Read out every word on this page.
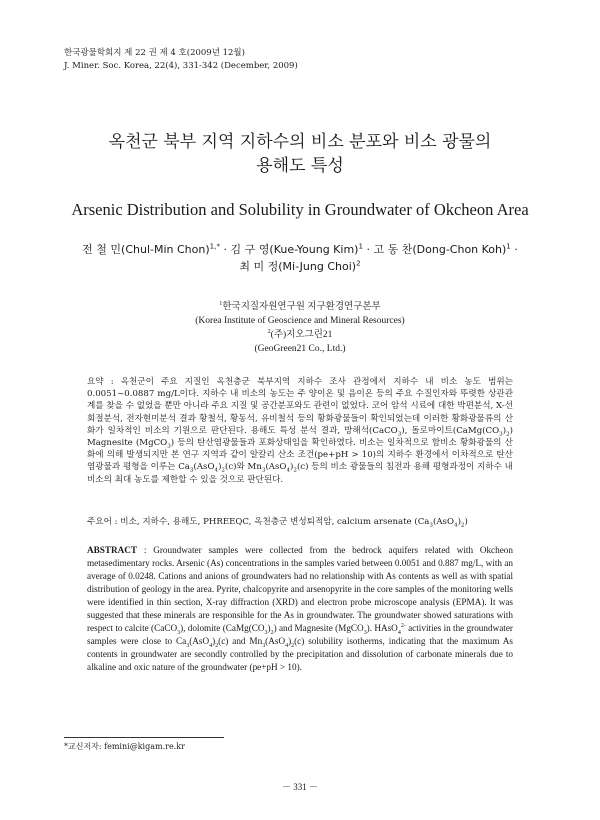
한국광물학회지 제 22 권 제 4 호(2009년 12월)
J. Miner. Soc. Korea, 22(4), 331-342 (December, 2009)
옥천군 북부 지역 지하수의 비소 분포와 비소 광물의
용해도 특성
Arsenic Distribution and Solubility in Groundwater of Okcheon Area
전 철 민(Chul-Min Chon)$^{1,*}$ · 김 구 영(Kue-Young Kim)$^1$ · 고 동 찬(Dong-Chon Koh)$^1$ ·
최 미 정(Mi-Jung Choi)$^2$
$^1$한국지질자원연구원 지구환경연구본부
(Korea Institute of Geoscience and Mineral Resources)
$^2$(주)지오그린21
(GeoGreen21 Co., Ltd.)
요약 : 옥천군이 주요 지질인 옥천층군 북부지역 지하수 조사 관정에서 지하수 내 비소 농도 범위는 0.0051~0.0887 mg/L이다. 지하수 내 비소의 농도는 주 양이온 및 음이온 등의 주요 수질인자와 뚜렷한 상관관계를 찾을 수 없었을 뿐만 아니라 주요 지질 및 공간분포와도 관련이 없었다. 코어 암석 시료에 대한 박편분석, X-선회절분석, 전자현미분석 결과 황철석, 황동석, 유비철석 등의 황화광물들이 확인되었는데 이러한 황화광물류의 산화가 일차적인 비소의 기원으로 판단된다. 용해도 특성 분석 결과, 방해석(CaCO$_3$), 돌로마이트$(CaMg(CO_3)_2)$ Magnesite (MgCO$_3$) 등의 탄산염광물들과 포화상태임을 확인하였다. 비소는 일차적으로 함비소 황화광물의 산화에 의해 발생되지만 본 연구 지역과 같이 알칼리 산소 조건(pe+pH > 10)의 지하수 환경에서 이차적으로 탄산염광물과 평형을 이루는 $Ca_3(AsO_4)_2(c)$와 $Mn_3(AsO_4)_2(c)$ 등의 비소 광물들의 침전과 용해 평형과정이 지하수 내 비소의 최대 농도를 제한할 수 있을 것으로 판단된다.
주요어 : 비소, 지하수, 용해도, PHREEQC, 옥천층군 변성퇴적암, calcium arsenate $(Ca_3(AsO_4)_2)$
ABSTRACT : Groundwater samples were collected from the bedrock aquifers related with Okcheon metasedimentary rocks. Arsenic (As) concentrations in the samples varied between 0.0051 and 0.887 mg/L, with an average of 0.0248. Cations and anions of groundwaters had no relationship with As contents as well as with spatial distribution of geology in the area. Pyrite, chalcopyrite and arsenopyrite in the core samples of the monitoring wells were identified in thin section, X-ray diffraction (XRD) and electron probe microscope analysis (EPMA). It was suggested that these minerals are responsible for the As in groundwater. The groundwater showed saturations with respect to calcite (CaCO$_3$), dolomite $(CaMg(CO_3)_2)$ and Magnesite (MgCO$_3$). HAsO$_4^{2-}$ activities in the groundwater samples were close to $Ca_3(AsO_4)_2(c)$ and $Mn_3(AsO_4)_2(c)$ solubility isotherms, indicating that the maximum As contents in groundwater are secondly controlled by the precipitation and dissolution of carbonate minerals due to alkaline and oxic nature of the groundwater (pe+pH > 10).
*교신저자: femini@kigam.re.kr
－ 331 －
